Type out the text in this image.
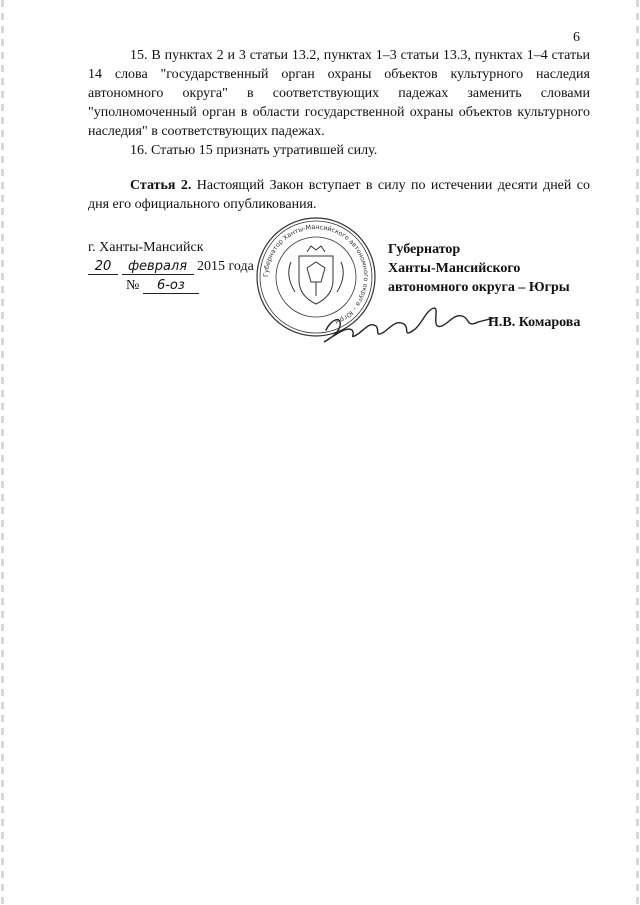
6

15. В пунктах 2 и 3 статьи 13.2, пунктах 1–3 статьи 13.3, пунктах 1–4 статьи 14 слова "государственный орган охраны объектов культурного наследия автономного округа" в соответствующих падежах заменить словами "уполномоченный орган в области государственной охраны объектов культурного наследия" в соответствующих падежах.

16. Статью 15 признать утратившей силу.

Статья 2. Настоящий Закон вступает в силу по истечении десяти дней со дня его официального опубликования.

г. Ханты-Мансийск
20 февраля 2015 года
№ 6-оз
Губернатор Ханты-Мансийского автономного округа – Югры
Губернатор
Ханты-Мансийского
автономного округа – Югры
Н.В. Комарова
